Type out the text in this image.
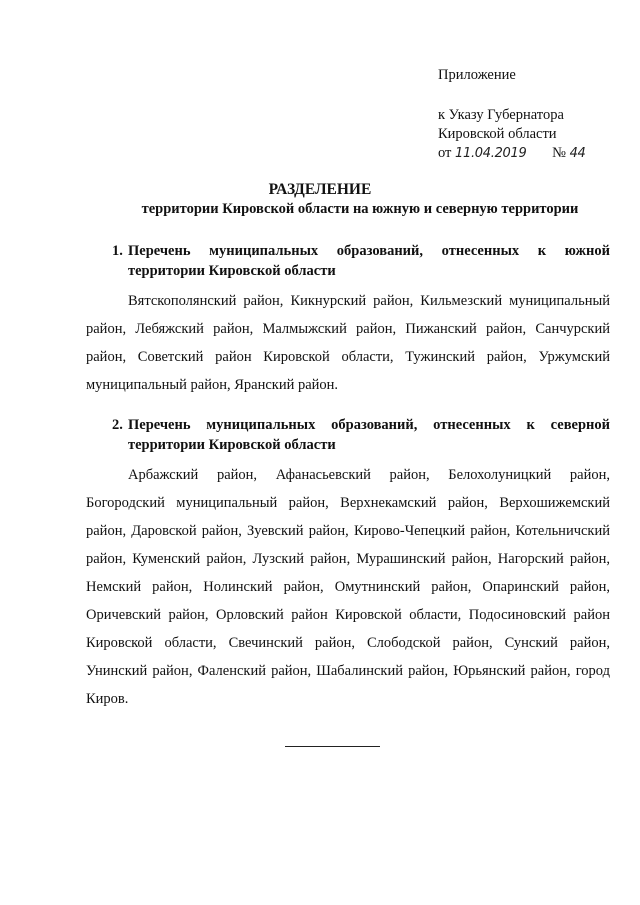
Приложение
к Указу Губернатора
Кировской области
от 11.04.2019 № 44
РАЗДЕЛЕНИЕ
территории Кировской области на южную и северную территории
1. Перечень муниципальных образований, отнесенных к южной
территории Кировской области
Вятскополянский район, Кикнурский район, Кильмезский муниципальный район, Лебяжский район, Малмыжский район, Пижанский район, Санчурский район, Советский район Кировской области, Тужинский район, Уржумский муниципальный район, Яранский район.
2. Перечень муниципальных образований, отнесенных к северной
территории Кировской области
Арбажский район, Афанасьевский район, Белохолуницкий район, Богородский муниципальный район, Верхнекамский район, Верхошижемский район, Даровской район, Зуевский район, Кирово-Чепецкий район, Котельничский район, Куменский район, Лузский район, Мурашинский район, Нагорский район, Немский район, Нолинский район, Омутнинский район, Опаринский район, Оричевский район, Орловский район Кировской области, Подосиновский район Кировской области, Свечинский район, Слободской район, Сунский район, Унинский район, Фаленский район, Шабалинский район, Юрьянский район, город Киров.
